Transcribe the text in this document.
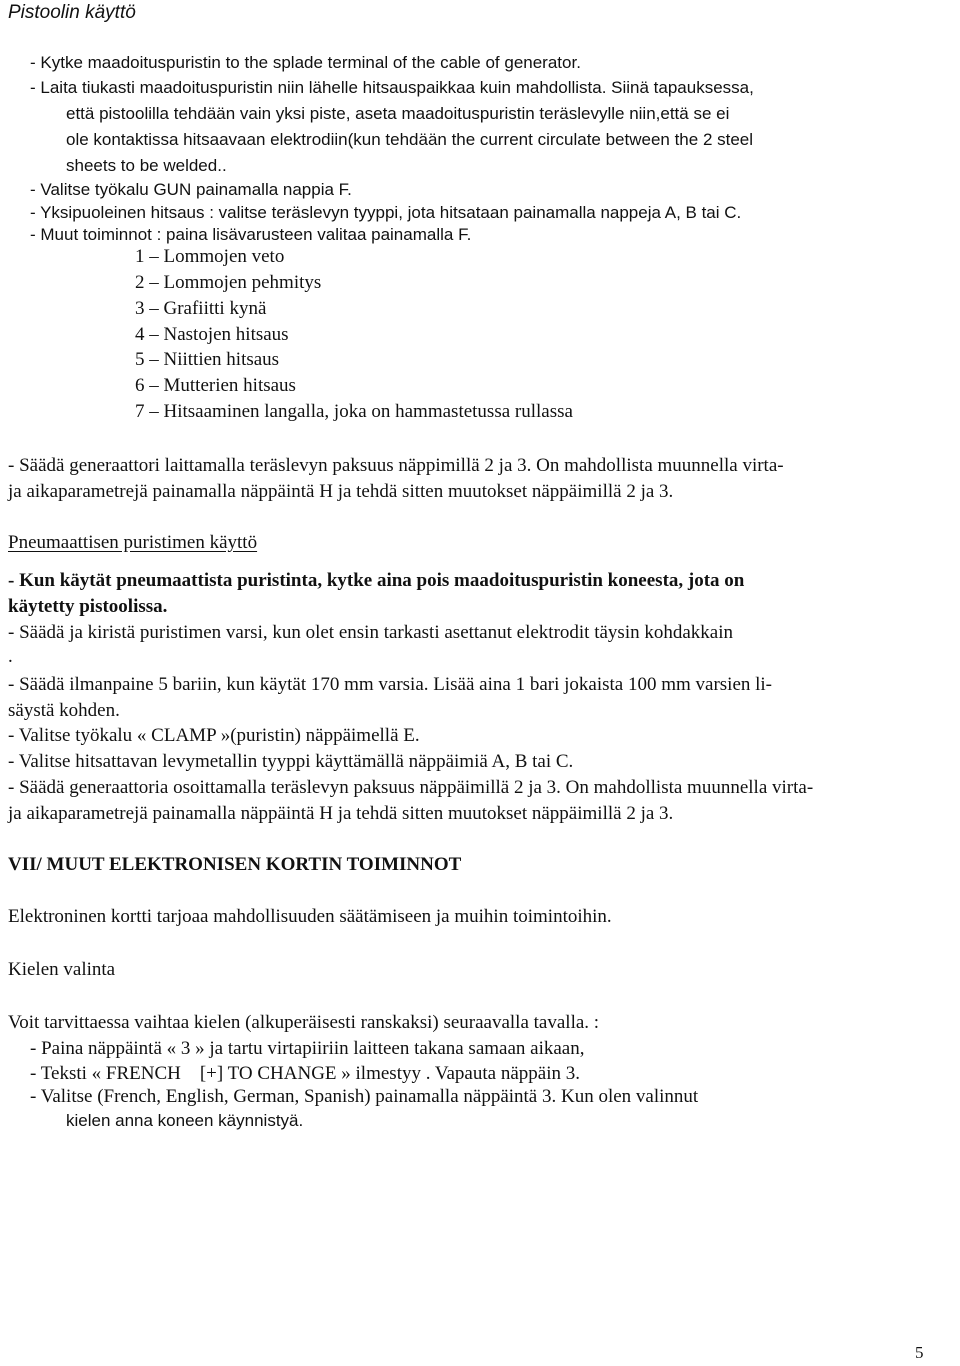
Pistoolin käyttö
- Kytke maadoituspuristin to the splade terminal of the cable of generator.
- Laita tiukasti maadoituspuristin niin lähelle hitsauspaikkaa kuin mahdollista. Siinä tapauksessa,
että pistoolilla tehdään vain yksi piste, aseta maadoituspuristin teräslevylle niin,että se ei
ole kontaktissa hitsaavaan elektrodiin(kun tehdään the current circulate between the 2 steel
sheets to be welded..
- Valitse työkalu GUN painamalla nappia F.
- Yksipuoleinen hitsaus : valitse teräslevyn tyyppi, jota hitsataan painamalla nappeja A, B tai C.
- Muut toiminnot : paina lisävarusteen valitaa painamalla F.
1 – Lommojen veto
2 – Lommojen pehmitys
3 – Grafiitti kynä
4 – Nastojen hitsaus
5 – Niittien hitsaus
6 – Mutterien hitsaus
7 – Hitsaaminen langalla, joka on hammastetussa rullassa
- Säädä generaattori laittamalla teräslevyn paksuus näppimillä 2 ja 3. On mahdollista muunnella virta-
ja aikaparametrejä painamalla näppäintä H ja tehdä sitten muutokset näppäimillä 2 ja 3.
Pneumaattisen puristimen käyttö
- Kun käytät pneumaattista puristinta, kytke aina pois maadoituspuristin koneesta, jota on
käytetty pistoolissa.
- Säädä ja kiristä puristimen varsi, kun olet ensin tarkasti asettanut elektrodit täysin kohdakkain
.
- Säädä ilmanpaine 5 bariin, kun käytät 170 mm varsia. Lisää aina 1 bari jokaista 100 mm varsien li-
säystä kohden.
- Valitse työkalu « CLAMP »(puristin) näppäimellä E.
- Valitse hitsattavan levymetallin tyyppi käyttämällä näppäimiä A, B tai C.
- Säädä generaattoria osoittamalla teräslevyn paksuus näppäimillä 2 ja 3. On mahdollista muunnella virta-
ja aikaparametrejä painamalla näppäintä H ja tehdä sitten muutokset näppäimillä 2 ja 3.
VII/ MUUT ELEKTRONISEN KORTIN TOIMINNOT
Elektroninen kortti tarjoaa mahdollisuuden säätämiseen ja muihin toimintoihin.
Kielen valinta
Voit tarvittaessa vaihtaa kielen (alkuperäisesti ranskaksi) seuraavalla tavalla. :
- Paina näppäintä « 3 » ja tartu virtapiiriin laitteen takana samaan aikaan,
- Teksti « FRENCH    [+] TO CHANGE » ilmestyy . Vapauta näppäin 3.
- Valitse (French, English, German, Spanish) painamalla näppäintä 3. Kun olen valinnut
kielen anna koneen käynnistyä.
5
